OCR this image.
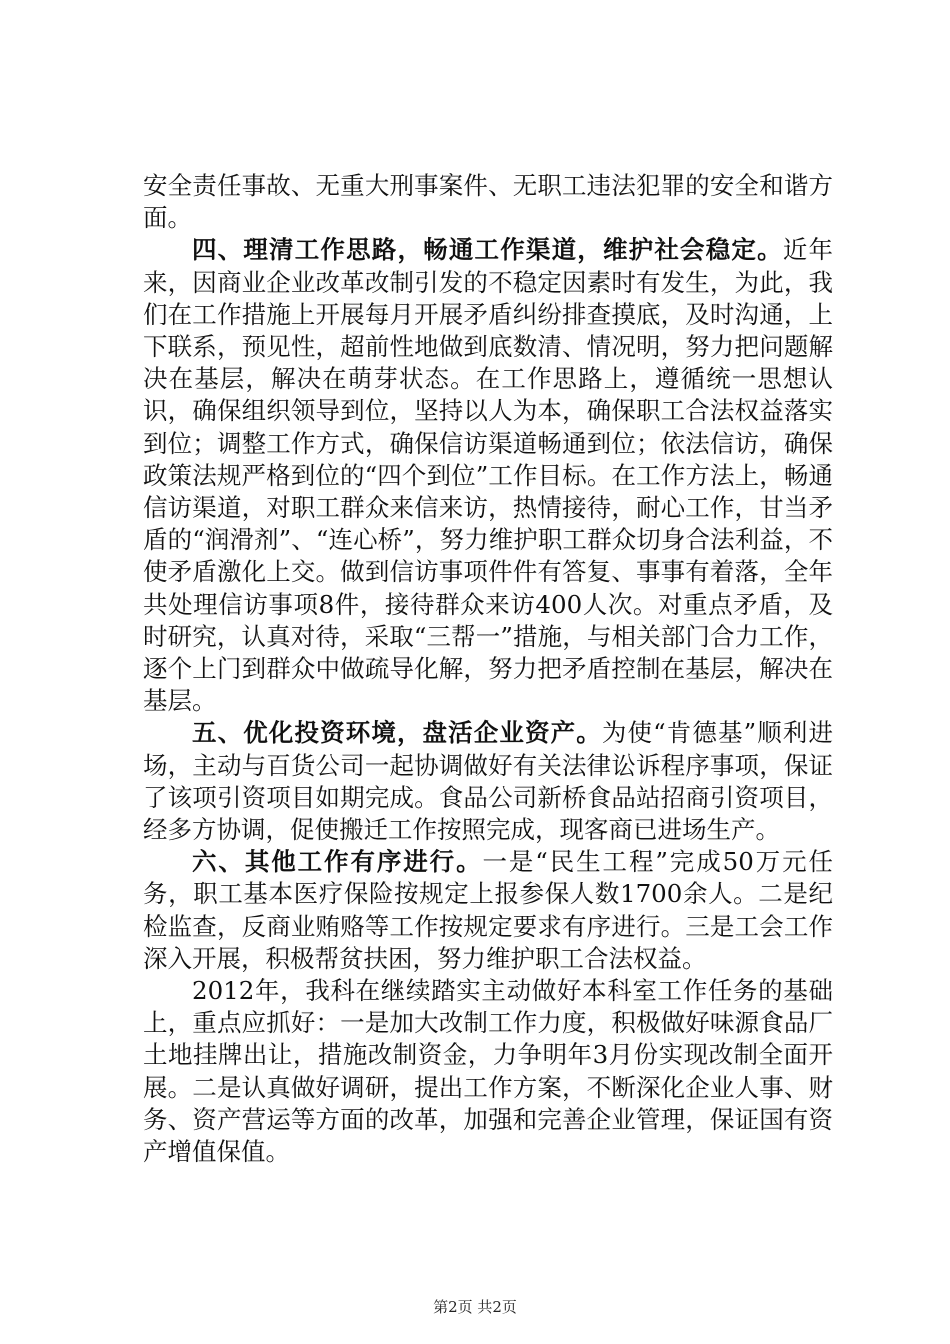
安全责任事故、无重大刑事案件、无职工违法犯罪的安全和谐方面。

四、理清工作思路，畅通工作渠道，维护社会稳定。近年来，因商业企业改革改制引发的不稳定因素时有发生，为此，我们在工作措施上开展每月开展矛盾纠纷排查摸底，及时沟通，上下联系，预见性，超前性地做到底数清、情况明，努力把问题解决在基层，解决在萌芽状态。在工作思路上，遵循统一思想认识，确保组织领导到位，坚持以人为本，确保职工合法权益落实到位；调整工作方式，确保信访渠道畅通到位；依法信访，确保政策法规严格到位的“四个到位”工作目标。在工作方法上，畅通信访渠道，对职工群众来信来访，热情接待，耐心工作，甘当矛盾的“润滑剂”、“连心桥”，努力维护职工群众切身合法利益，不使矛盾激化上交。做到信访事项件件有答复、事事有着落，全年共处理信访事项8件，接待群众来访400人次。对重点矛盾，及时研究，认真对待，采取“三帮一”措施，与相关部门合力工作，逐个上门到群众中做疏导化解，努力把矛盾控制在基层，解决在基层。

五、优化投资环境，盘活企业资产。为使“肯德基”顺利进场，主动与百货公司一起协调做好有关法律讼诉程序事项，保证了该项引资项目如期完成。食品公司新桥食品站招商引资项目，经多方协调，促使搬迁工作按照完成，现客商已进场生产。

六、其他工作有序进行。一是“民生工程”完成50万元任务，职工基本医疗保险按规定上报参保人数1700余人。二是纪检监查，反商业贿赂等工作按规定要求有序进行。三是工会工作深入开展，积极帮贫扶困，努力维护职工合法权益。

2012年，我科在继续踏实主动做好本科室工作任务的基础上，重点应抓好：一是加大改制工作力度，积极做好味源食品厂土地挂牌出让，措施改制资金，力争明年3月份实现改制全面开展。二是认真做好调研，提出工作方案，不断深化企业人事、财务、资产营运等方面的改革，加强和完善企业管理，保证国有资产增值保值。

第2页 共2页
